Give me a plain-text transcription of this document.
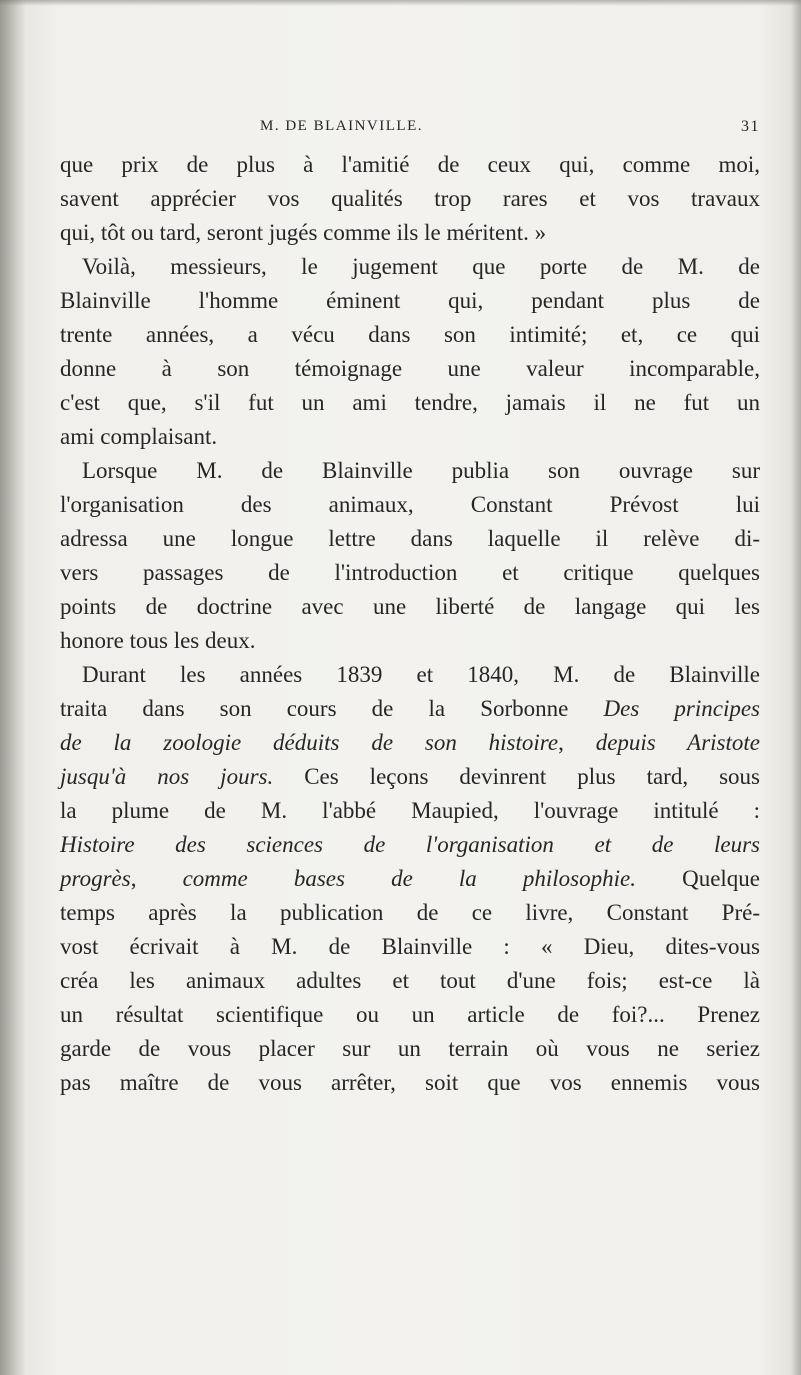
M. DE BLAINVILLE.	31
que prix de plus à l'amitié de ceux qui, comme moi,
savent apprécier vos qualités trop rares et vos travaux
qui, tôt ou tard, seront jugés comme ils le méritent. »
Voilà, messieurs, le jugement que porte de M. de
Blainville l'homme éminent qui, pendant plus de
trente années, a vécu dans son intimité; et, ce qui
donne à son témoignage une valeur incomparable,
c'est que, s'il fut un ami tendre, jamais il ne fut un
ami complaisant.
Lorsque M. de Blainville publia son ouvrage sur
l'organisation des animaux, Constant Prévost lui
adressa une longue lettre dans laquelle il relève di-
vers passages de l'introduction et critique quelques
points de doctrine avec une liberté de langage qui les
honore tous les deux.
Durant les années 1839 et 1840, M. de Blainville
traita dans son cours de la Sorbonne Des principes
de la zoologie déduits de son histoire, depuis Aristote
jusqu'à nos jours. Ces leçons devinrent plus tard, sous
la plume de M. l'abbé Maupied, l'ouvrage intitulé :
Histoire des sciences de l'organisation et de leurs
progrès, comme bases de la philosophie. Quelque
temps après la publication de ce livre, Constant Pré-
vost écrivait à M. de Blainville : « Dieu, dites-vous
créa les animaux adultes et tout d'une fois; est-ce là
un résultat scientifique ou un article de foi?... Prenez
garde de vous placer sur un terrain où vous ne seriez
pas maître de vous arrêter, soit que vos ennemis vous
